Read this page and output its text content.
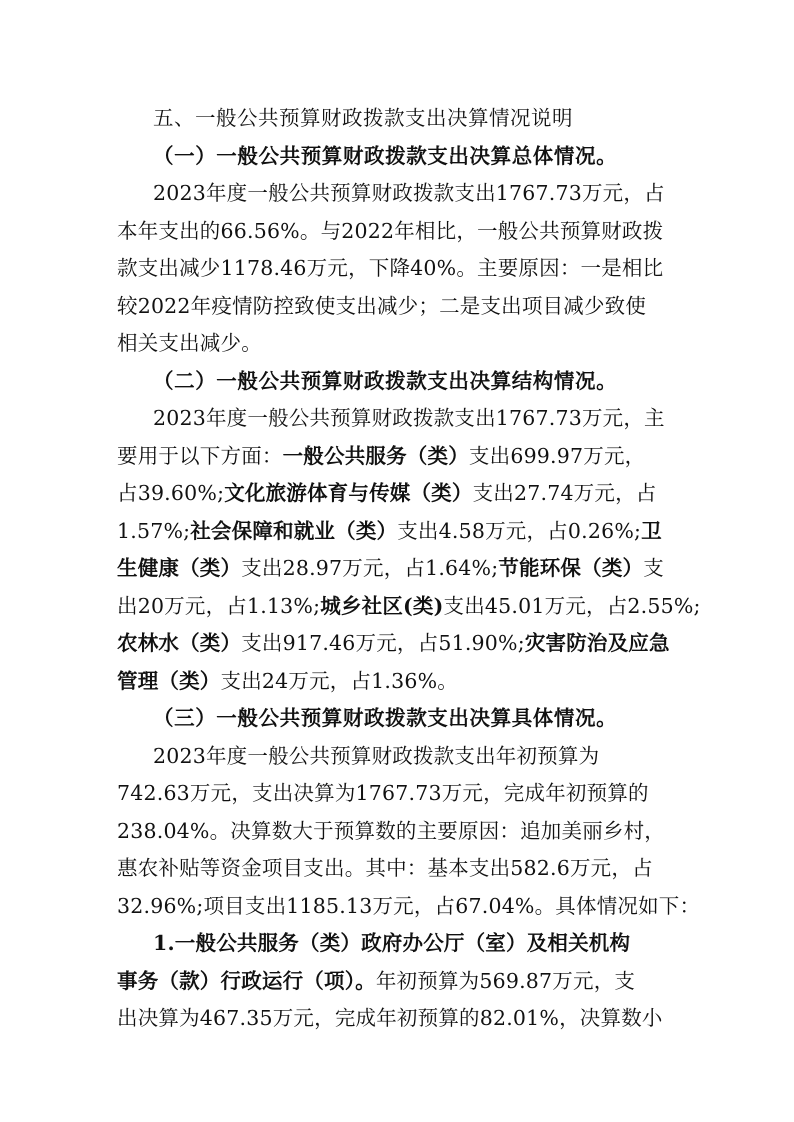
五、一般公共预算财政拨款支出决算情况说明
（一）一般公共预算财政拨款支出决算总体情况。
2023年度一般公共预算财政拨款支出1767.73万元，占
本年支出的66.56%。与2022年相比，一般公共预算财政拨
款支出减少1178.46万元，下降40%。主要原因：一是相比
较2022年疫情防控致使支出减少；二是支出项目减少致使
相关支出减少。
（二）一般公共预算财政拨款支出决算结构情况。
2023年度一般公共预算财政拨款支出1767.73万元，主
要用于以下方面：一般公共服务（类）支出699.97万元，
占39.60%;文化旅游体育与传媒（类）支出27.74万元，占
1.57%;社会保障和就业（类）支出4.58万元，占0.26%;卫
生健康（类）支出28.97万元，占1.64%;节能环保（类）支
出20万元，占1.13%;城乡社区(类)支出45.01万元，占2.55%;
农林水（类）支出917.46万元，占51.90%;灾害防治及应急
管理（类）支出24万元，占1.36%。
（三）一般公共预算财政拨款支出决算具体情况。
2023年度一般公共预算财政拨款支出年初预算为
742.63万元，支出决算为1767.73万元，完成年初预算的
238.04%。决算数大于预算数的主要原因：追加美丽乡村，
惠农补贴等资金项目支出。其中：基本支出582.6万元，占
32.96%;项目支出1185.13万元，占67.04%。具体情况如下：
1.一般公共服务（类）政府办公厅（室）及相关机构
事务（款）行政运行（项）。年初预算为569.87万元，支
出决算为467.35万元，完成年初预算的82.01%，决算数小
